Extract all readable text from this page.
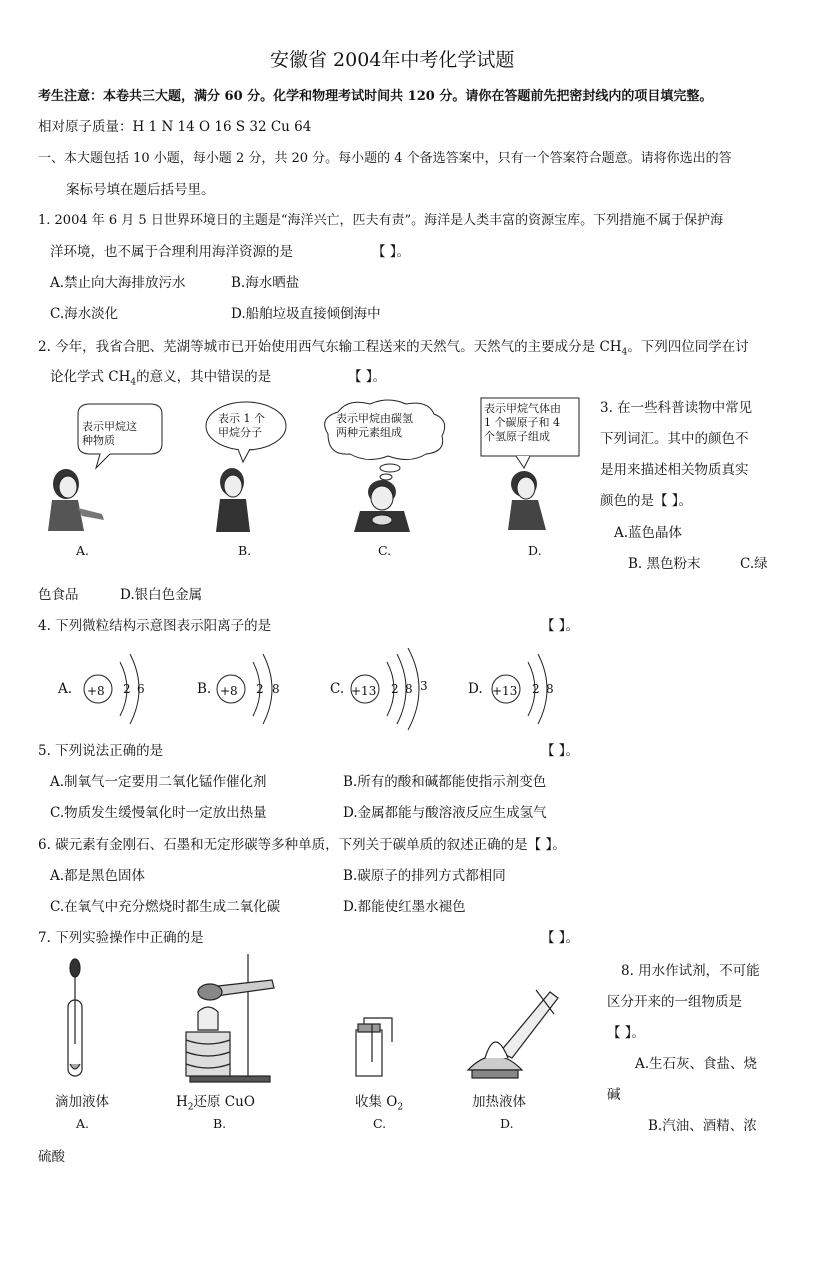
安徽省 2004年中考化学试题
考生注意：本卷共三大题，满分 60 分。化学和物理考试时间共 120 分。请你在答题前先把密封线内的项目填完整。
相对原子质量：H 1 N 14 O 16 S 32 Cu 64
一、本大题包括 10 小题，每小题 2 分，共 20 分。每小题的 4 个备选答案中，只有一个答案符合题意。请将你选出的答
案标号填在题后括号里。
1. 2004 年 6 月 5 日世界环境日的主题是“海洋兴亡，匹夫有责”。海洋是人类丰富的资源宝库。下列措施不属于保护海
洋环境，也不属于合理利用海洋资源的是	【 】。
A.禁止向大海排放污水	B.海水晒盐
C.海水淡化	D.船舶垃圾直接倾倒海中
2. 今年，我省合肥、芜湖等城市已开始使用西气东输工程送来的天然气。天然气的主要成分是 $CH_4$。下列四位同学在讨
论化学式 $CH_4$的意义，其中错误的是	【 】。
表示甲烷这
种物质
表示 1 个
甲烷分子
表示甲烷由碳氢
两种元素组成
表示甲烷气体由
1 个碳原子和 4
个氢原子组成
A.	B.	C.	D.
3. 在一些科普读物中常见
下列词汇。其中的颜色不
是用来描述相关物质真实
颜色的是【 】。
A.蓝色晶体
B. 黑色粉末	C.绿
色食品	D.银白色金属
4. 下列微粒结构示意图表示阳离子的是	【 】。
A. +8 2 6	B. +8 2 8	C. +13 2 8 3	D. +13 2 8
5. 下列说法正确的是	【 】。
A.制氧气一定要用二氧化锰作催化剂	B.所有的酸和碱都能使指示剂变色
C.物质发生缓慢氧化时一定放出热量	D.金属都能与酸溶液反应生成氢气
6. 碳元素有金刚石、石墨和无定形碳等多种单质，下列关于碳单质的叙述正确的是【 】。
A.都是黑色固体	B.碳原子的排列方式都相同
C.在氧气中充分燃烧时都生成二氧化碳	D.都能使红墨水褪色
7. 下列实验操作中正确的是	【 】。
滴加液体	$H_2$还原 CuO	收集 $O_2$	加热液体
A.	B.	C.	D.
8. 用水作试剂，不可能
区分开来的一组物质是
【 】。
A.生石灰、食盐、烧
碱
B.汽油、酒精、浓
硫酸
